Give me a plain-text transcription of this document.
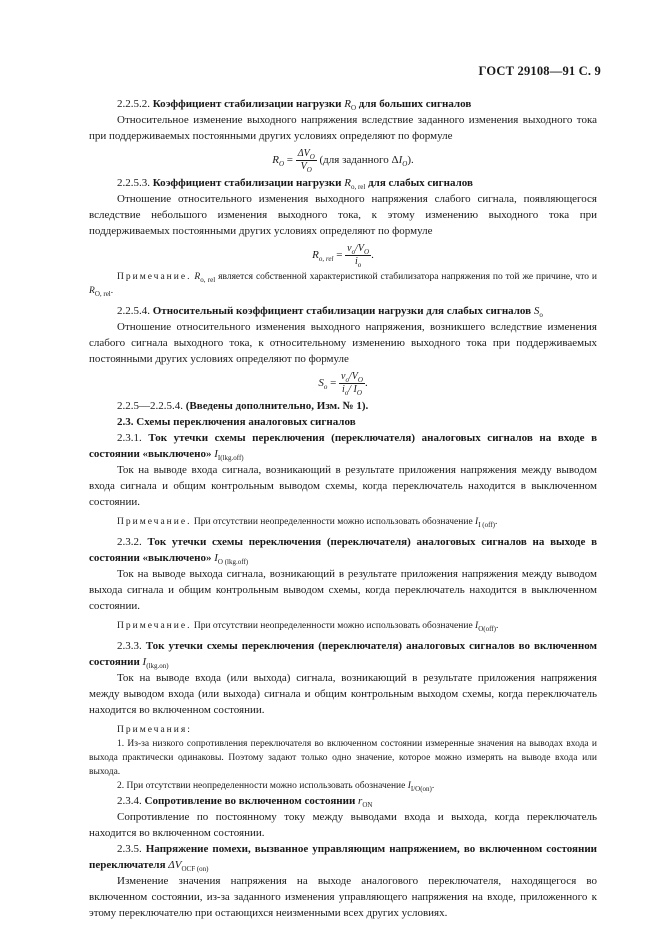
ГОСТ 29108—91 С. 9

2.2.5.2. Коэффициент стабилизации нагрузки $R_O$ для больших сигналов

Относительное изменение выходного напряжения вследствие заданного изменения выходного тока при поддерживаемых постоянными других условиях определяют по формуле

$R_O = \frac{\Delta V_O}{V_O} (для$ заданного $\Delta I_O$).

2.2.5.3. Коэффициент стабилизации нагрузки $R_{o, rel}$ для слабых сигналов

Отношение относительного изменения выходного напряжения слабого сигнала, появляющегося вследствие небольшого изменения выходного тока, к этому изменению выходного тока при поддерживаемых постоянными других условиях определяют по формуле

$R_{o, rel} = \frac{v_o/V_O}{i_o}$ .

Примечание. $R_{o, rel}$ является собственной характеристикой стабилизатора напряжения по той же причине, что и $R_{O, rel}$.

2.2.5.4. Относительный коэффициент стабилизации нагрузки для слабых сигналов $S_o$

Отношение относительного изменения выходного напряжения, возникшего вследствие изменения слабого сигнала выходного тока, к относительному изменению выходного тока при поддерживаемых постоянными других условиях определяют по формуле

$S_o = \frac{v_o/V_O}{i_o/ I_O}$ .

2.2.5—2.2.5.4. (Введены дополнительно, Изм. № 1).

2.3. Схемы переключения аналоговых сигналов

2.3.1. Ток утечки схемы переключения (переключателя) аналоговых сигналов на входе в состоянии «выключено» $I_{I(lkg.off)}$

Ток на выводе входа сигнала, возникающий в результате приложения напряжения между выводом входа сигнала и общим контрольным выводом схемы, когда переключатель находится в выключенном состоянии.

Примечание. При отсутствии неопределенности можно использовать обозначение $I_{I (off)}$.

2.3.2. Ток утечки схемы переключения (переключателя) аналоговых сигналов на выходе в состоянии «выключено» $I_{O (lkg.off)}$

Ток на выводе выхода сигнала, возникающий в результате приложения напряжения между выводом выхода сигнала и общим контрольным выводом схемы, когда переключатель находится в выключенном состоянии.

Примечание. При отсутствии неопределенности можно использовать обозначение $I_{O(off)}$.

2.3.3. Ток утечки схемы переключения (переключателя) аналоговых сигналов во включенном состоянии $I_{(lkg.on)}$

Ток на выводе входа (или выхода) сигнала, возникающий в результате приложения напряжения между выводом входа (или выхода) сигнала и общим контрольным выходом схемы, когда переключатель находится во включенном состоянии.

Примечания:

1. Из-за низкого сопротивления переключателя во включенном состоянии измеренные значения на выводах входа и выхода практически одинаковы. Поэтому задают только одно значение, которое можно измерять на выводе входа или выхода.

2. При отсутствии неопределенности можно использовать обозначение $I_{I/O(on)}$.

2.3.4. Сопротивление во включенном состоянии $r_{ON}$

Сопротивление по постоянному току между выводами входа и выхода, когда переключатель находится во включенном состоянии.

2.3.5. Напряжение помехи, вызванное управляющим напряжением, во включенном состоянии переключателя $\Delta V_{OCF (on)}$

Изменение значения напряжения на выходе аналогового переключателя, находящегося во включенном состоянии, из-за заданного изменения управляющего напряжения на входе, приложенного к этому переключателю при остающихся неизменными всех других условиях.
